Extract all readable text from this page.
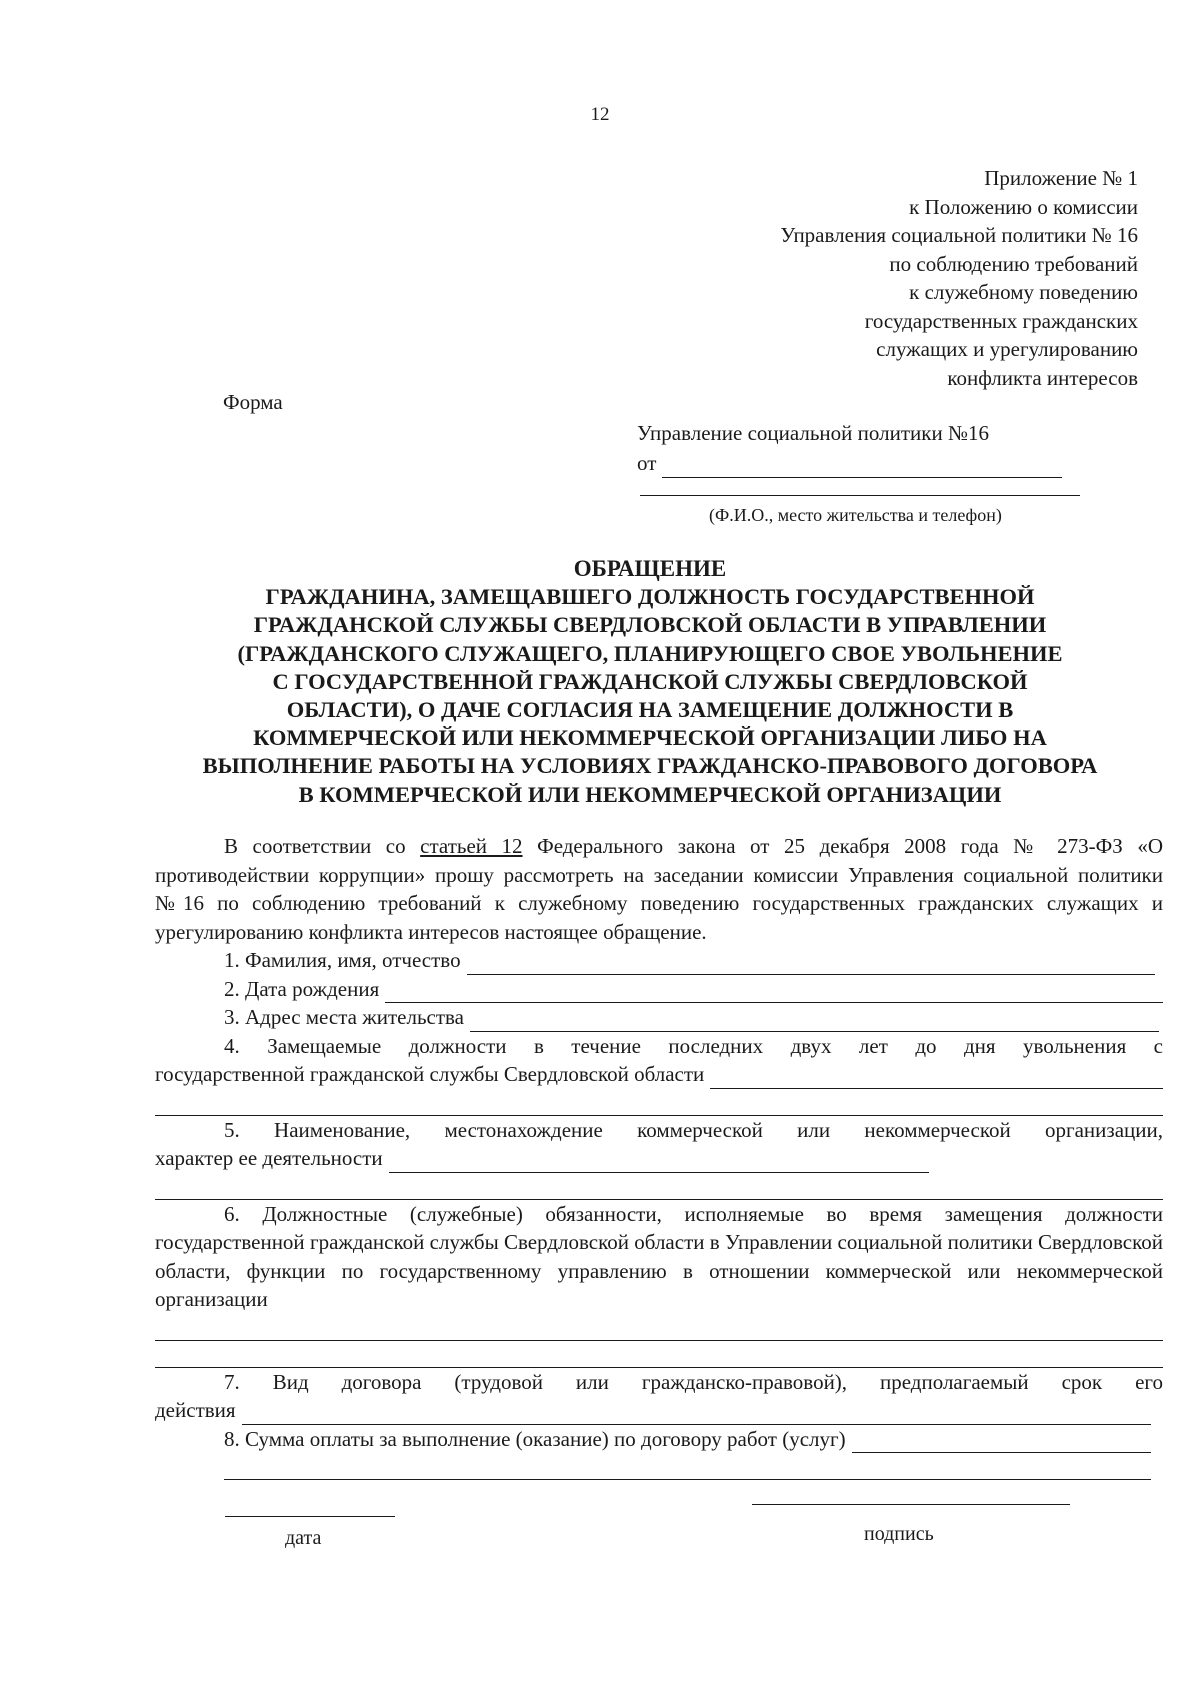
12
Приложение № 1
к Положению о комиссии
Управления социальной политики № 16
по соблюдению требований
к служебному поведению
государственных гражданских
служащих и урегулированию
конфликта интересов
Форма
Управление социальной политики №16
от
(Ф.И.О., место жительства и телефон)
ОБРАЩЕНИЕ
ГРАЖДАНИНА, ЗАМЕЩАВШЕГО ДОЛЖНОСТЬ ГОСУДАРСТВЕННОЙ
ГРАЖДАНСКОЙ СЛУЖБЫ СВЕРДЛОВСКОЙ ОБЛАСТИ В УПРАВЛЕНИИ
(ГРАЖДАНСКОГО СЛУЖАЩЕГО, ПЛАНИРУЮЩЕГО СВОЕ УВОЛЬНЕНИЕ
С ГОСУДАРСТВЕННОЙ ГРАЖДАНСКОЙ СЛУЖБЫ СВЕРДЛОВСКОЙ
ОБЛАСТИ), О ДАЧЕ СОГЛАСИЯ НА ЗАМЕЩЕНИЕ ДОЛЖНОСТИ В
КОММЕРЧЕСКОЙ ИЛИ НЕКОММЕРЧЕСКОЙ ОРГАНИЗАЦИИ ЛИБО НА
ВЫПОЛНЕНИЕ РАБОТЫ НА УСЛОВИЯХ ГРАЖДАНСКО-ПРАВОВОГО ДОГОВОРА
В КОММЕРЧЕСКОЙ ИЛИ НЕКОММЕРЧЕСКОЙ ОРГАНИЗАЦИИ

В соответствии со статьей 12 Федерального закона от 25 декабря 2008 года № 273-ФЗ «О противодействии коррупции» прошу рассмотреть на заседании комиссии Управления социальной политики №16 по соблюдению требований к служебному поведению государственных гражданских служащих и урегулированию конфликта интересов настоящее обращение.

1. Фамилия, имя, отчество
2. Дата рождения
3. Адрес места жительства

4. Замещаемые должности в течение последних двух лет до дня увольнения с

государственной гражданской службы Свердловской области

5. Наименование, местонахождение коммерческой или некоммерческой организации,

характер ее деятельности

6. Должностные (служебные) обязанности, исполняемые во время замещения должности государственной гражданской службы Свердловской области в Управлении социальной политики Свердловской области, функции по государственному управлению в отношении коммерческой или некоммерческой организации

7. Вид договора (трудовой или гражданско-правовой), предполагаемый срок его

действия
8. Сумма оплаты за выполнение (оказание) по договору работ (услуг)
дата	подпись
